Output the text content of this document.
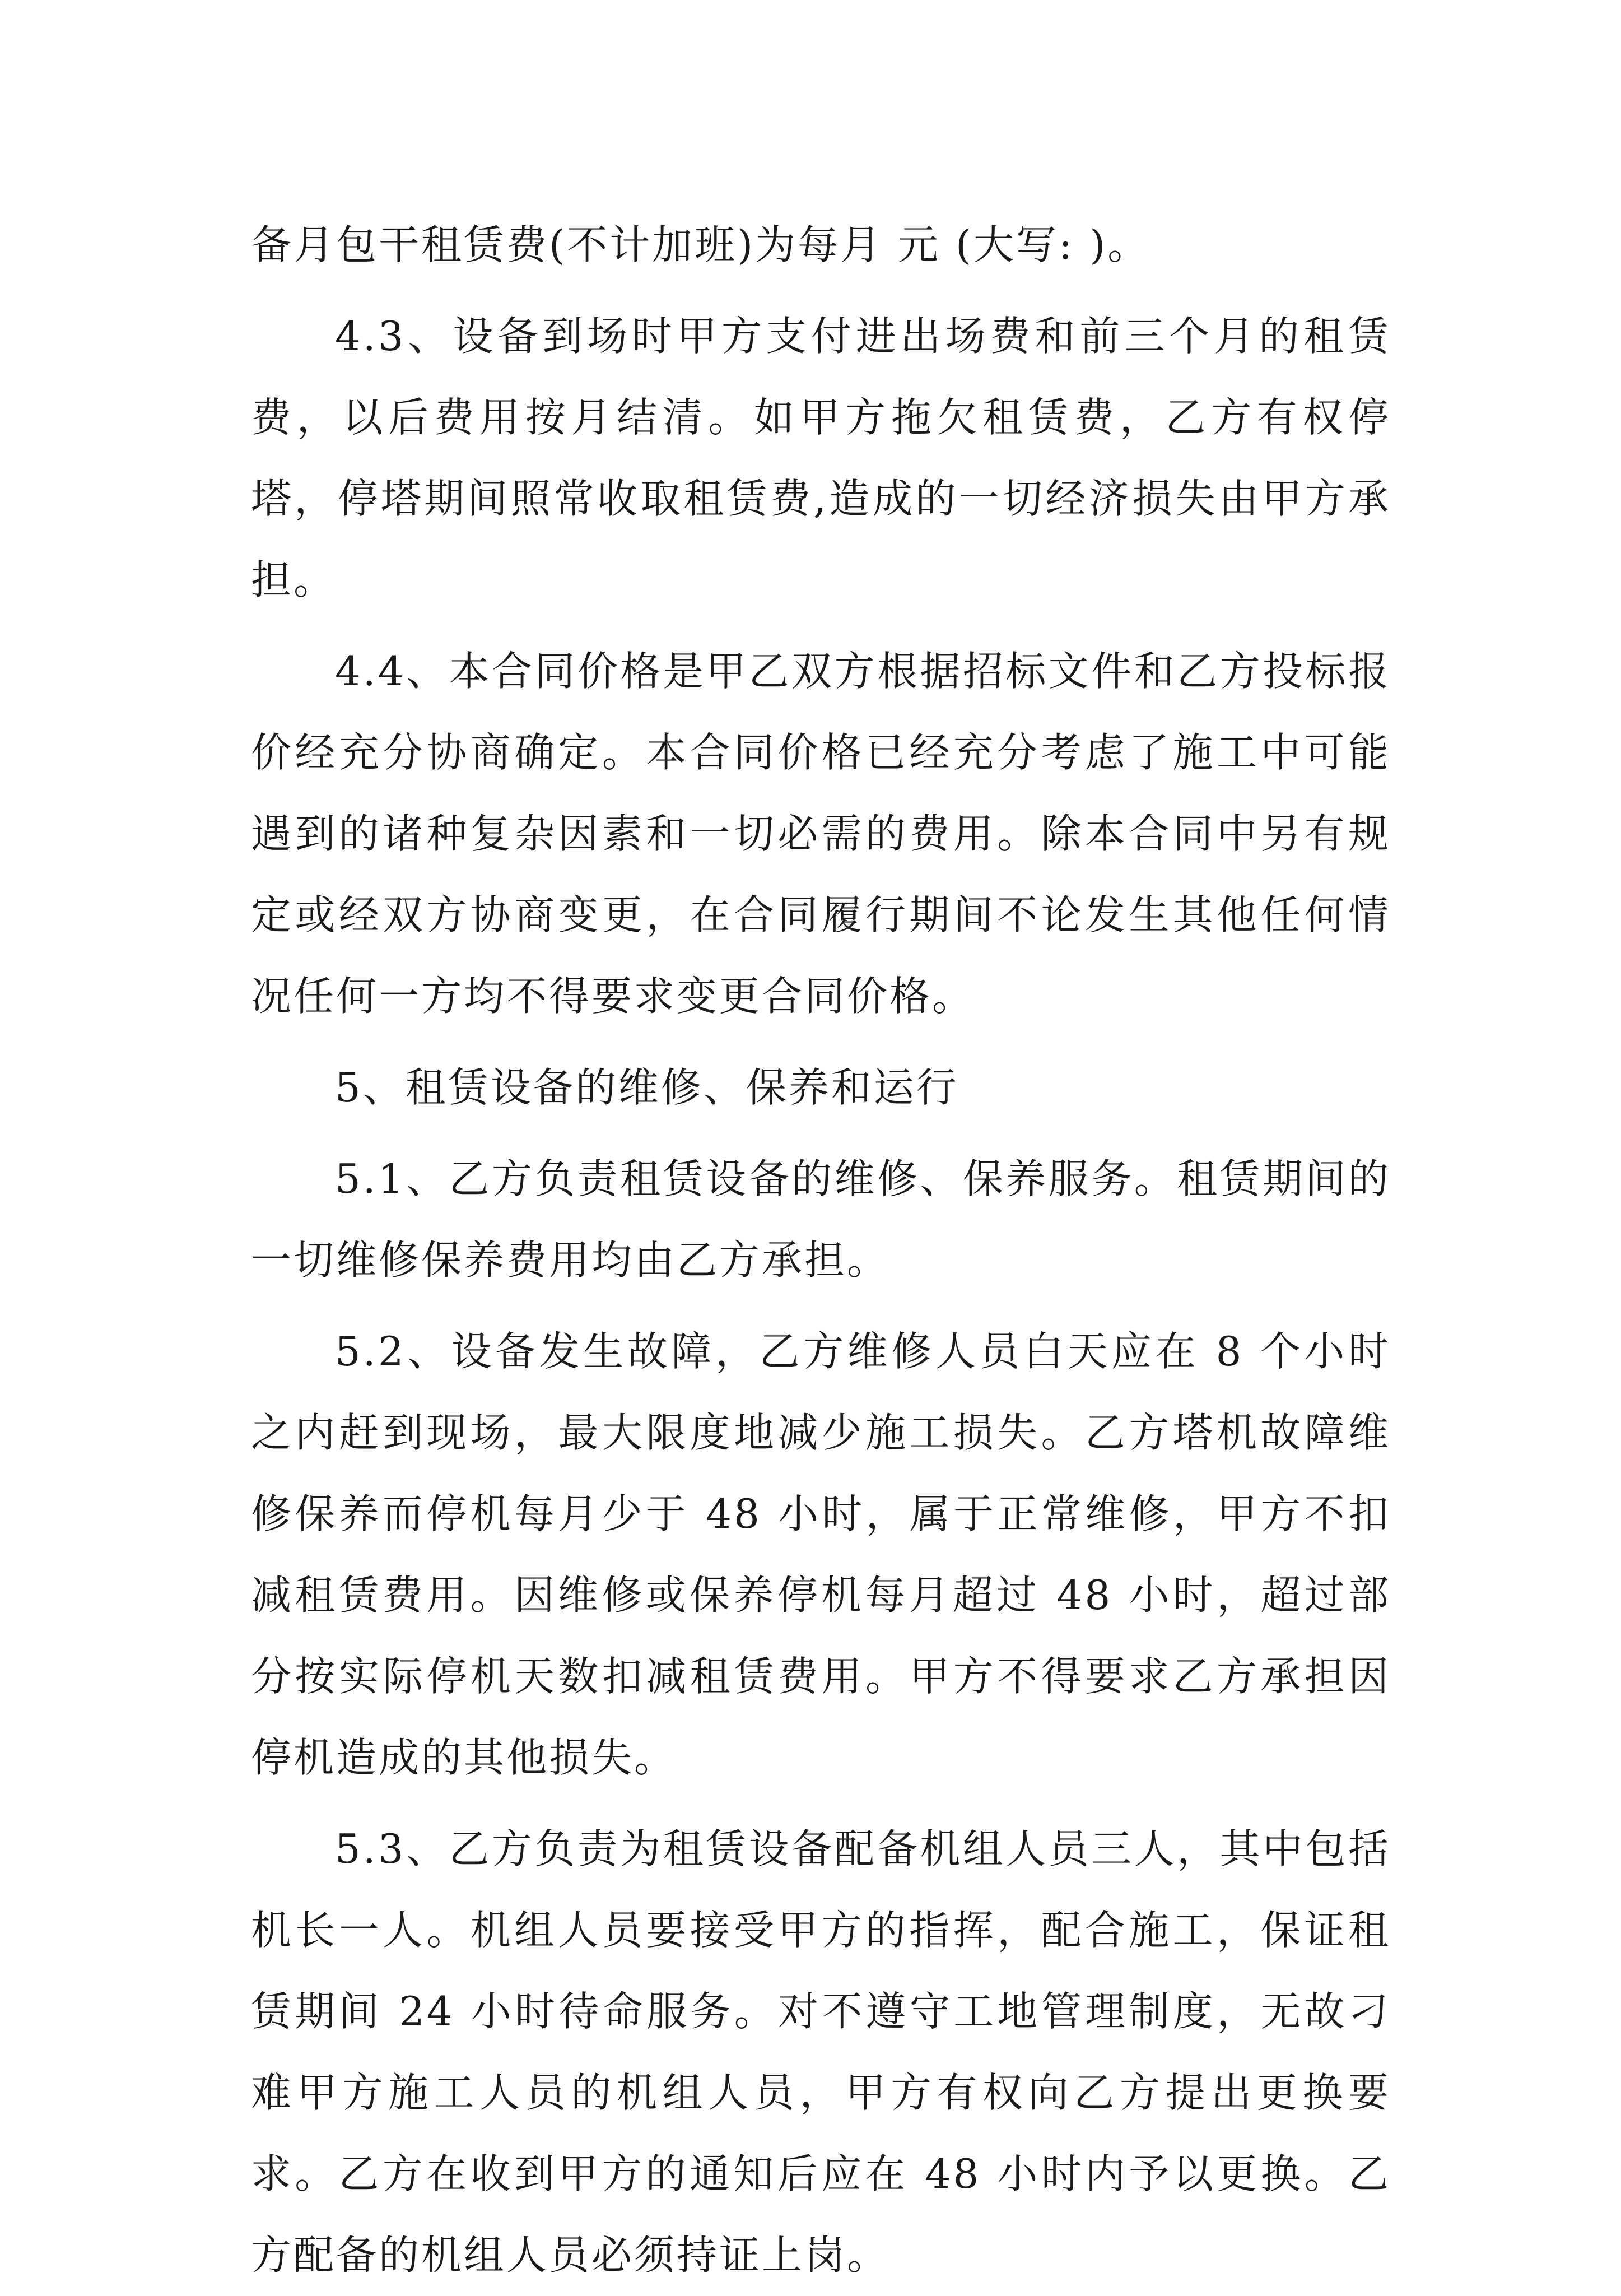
备月包干租赁费(不计加班)为每月 元 (大写: )。

4.3、设备到场时甲方支付进出场费和前三个月的租赁费，以后费用按月结清。如甲方拖欠租赁费，乙方有权停塔，停塔期间照常收取租赁费,造成的一切经济损失由甲方承担。

4.4、本合同价格是甲乙双方根据招标文件和乙方投标报价经充分协商确定。本合同价格已经充分考虑了施工中可能遇到的诸种复杂因素和一切必需的费用。除本合同中另有规定或经双方协商变更，在合同履行期间不论发生其他任何情况任何一方均不得要求变更合同价格。

5、租赁设备的维修、保养和运行

5.1、乙方负责租赁设备的维修、保养服务。租赁期间的一切维修保养费用均由乙方承担。

5.2、设备发生故障，乙方维修人员白天应在 8 个小时之内赶到现场，最大限度地减少施工损失。乙方塔机故障维修保养而停机每月少于 48 小时，属于正常维修，甲方不扣减租赁费用。因维修或保养停机每月超过 48 小时，超过部分按实际停机天数扣减租赁费用。甲方不得要求乙方承担因停机造成的其他损失。

5.3、乙方负责为租赁设备配备机组人员三人，其中包括机长一人。机组人员要接受甲方的指挥，配合施工，保证租赁期间 24 小时待命服务。对不遵守工地管理制度，无故刁难甲方施工人员的机组人员，甲方有权向乙方提出更换要求。乙方在收到甲方的通知后应在 48 小时内予以更换。乙方配备的机组人员必须持证上岗。
